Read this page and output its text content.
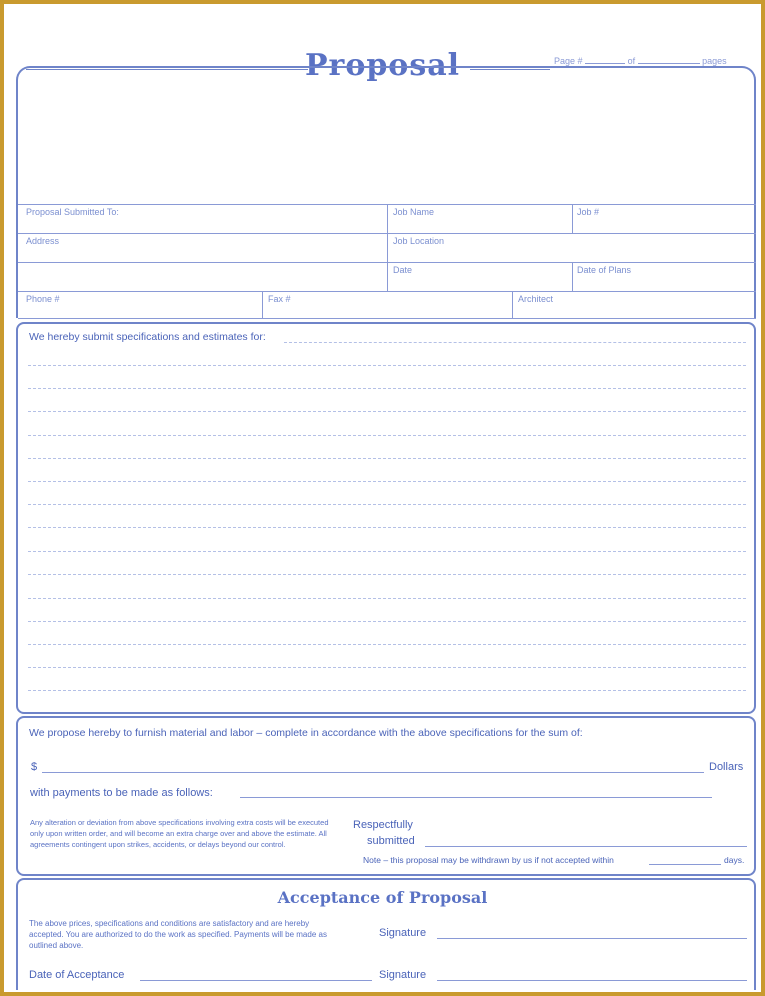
Proposal	Page #	of	pages
Proposal Submitted To:	Job Name	Job #
Address	Job Location
Date	Date of Plans
Phone #	Fax #	Architect
We hereby submit specifications and estimates for:
We propose hereby to furnish material and labor – complete in accordance with the above specifications for the sum of:
$	Dollars
with payments to be made as follows:
Any alteration or deviation from above specifications involving extra costs will be executed only upon written order, and will become an extra charge over and above the estimate. All agreements contingent upon strikes, accidents, or delays beyond our control.
Respectfully
submitted
Note – this proposal may be withdrawn by us if not accepted within	days.
Acceptance of Proposal
The above prices, specifications and conditions are satisfactory and are hereby accepted. You are authorized to do the work as specified. Payments will be made as outlined above.
Signature
Date of Acceptance	Signature
